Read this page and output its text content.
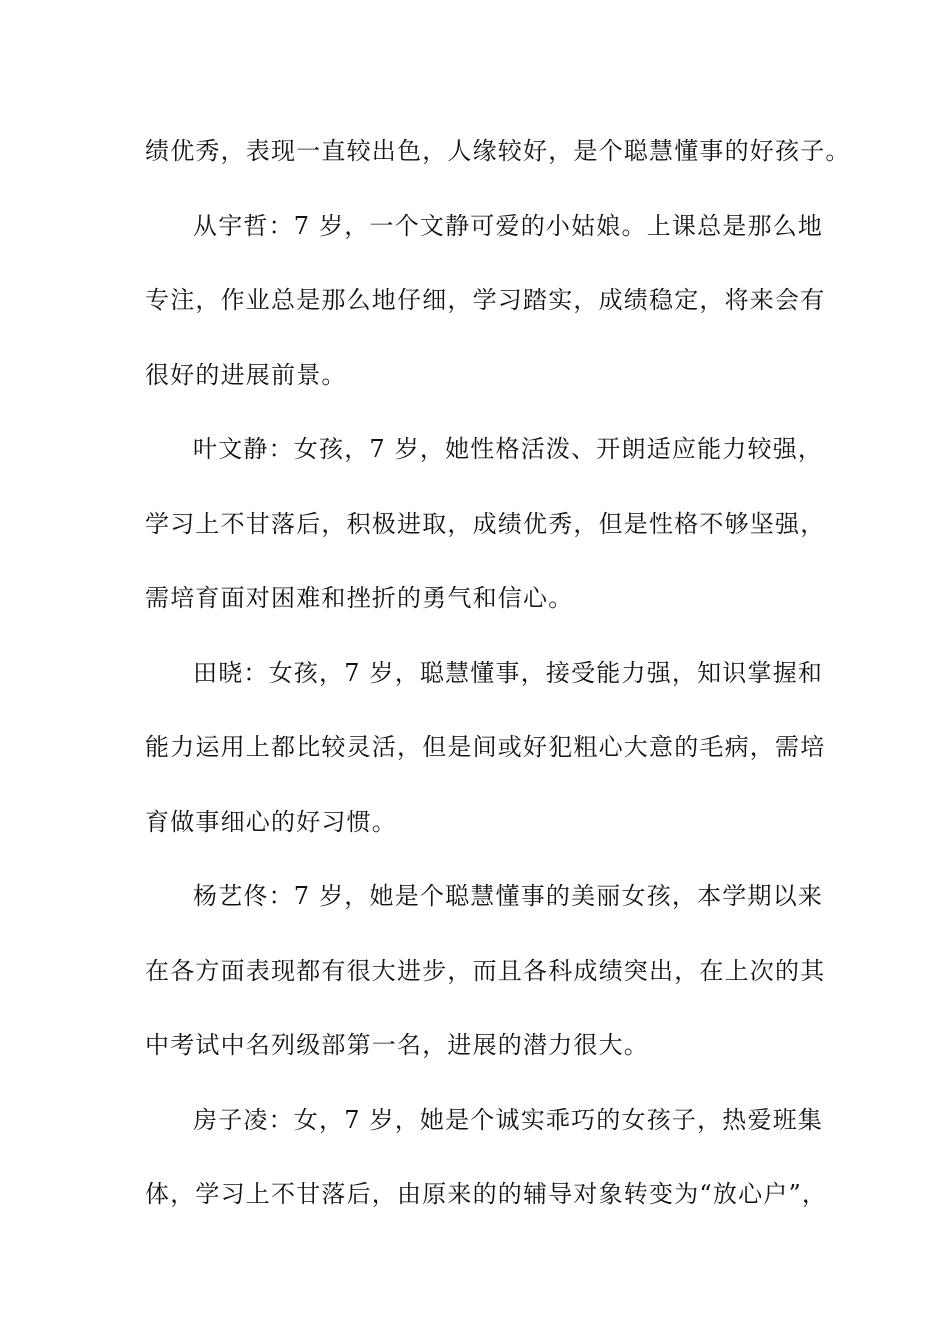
绩优秀，表现一直较出色，人缘较好，是个聪慧懂事的好孩子。
从宇哲：7 岁，一个文静可爱的小姑娘。上课总是那么地
专注，作业总是那么地仔细，学习踏实，成绩稳定，将来会有
很好的进展前景。
叶文静：女孩，7 岁，她性格活泼、开朗适应能力较强，
学习上不甘落后，积极进取，成绩优秀，但是性格不够坚强，
需培育面对困难和挫折的勇气和信心。
田晓：女孩，7 岁，聪慧懂事，接受能力强，知识掌握和
能力运用上都比较灵活，但是间或好犯粗心大意的毛病，需培
育做事细心的好习惯。
杨艺佟：7 岁，她是个聪慧懂事的美丽女孩，本学期以来
在各方面表现都有很大进步，而且各科成绩突出，在上次的其
中考试中名列级部第一名，进展的潜力很大。
房子凌：女，7 岁，她是个诚实乖巧的女孩子，热爱班集
体，学习上不甘落后，由原来的的辅导对象转变为“放心户”，
